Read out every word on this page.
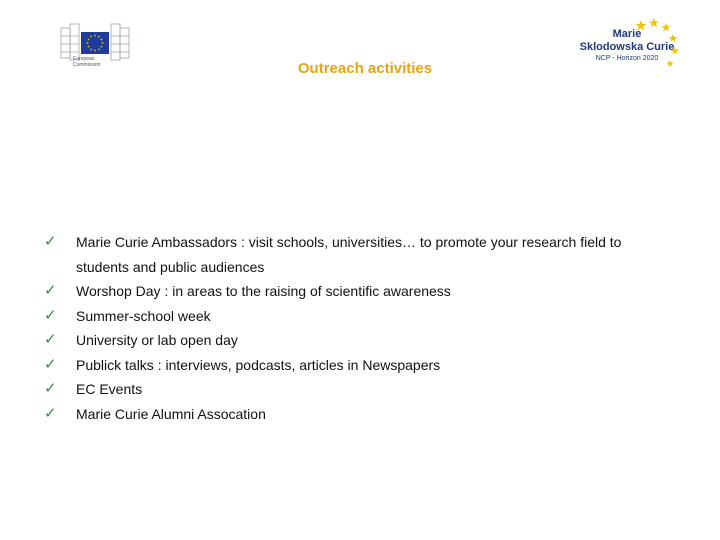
European
Commission	Outreach activities
Marie
Sklodowska Curie
NCP - Horizon 2020
✓ Marie Curie Ambassadors : visit schools, universities… to promote your research field to students and public audiences
✓ Worshop Day : in areas to the raising of scientific awareness
✓ Summer-school week
✓ University or lab open day
✓ Publick talks : interviews, podcasts, articles in Newspapers
✓ EC Events
✓ Marie Curie Alumni Assocation
